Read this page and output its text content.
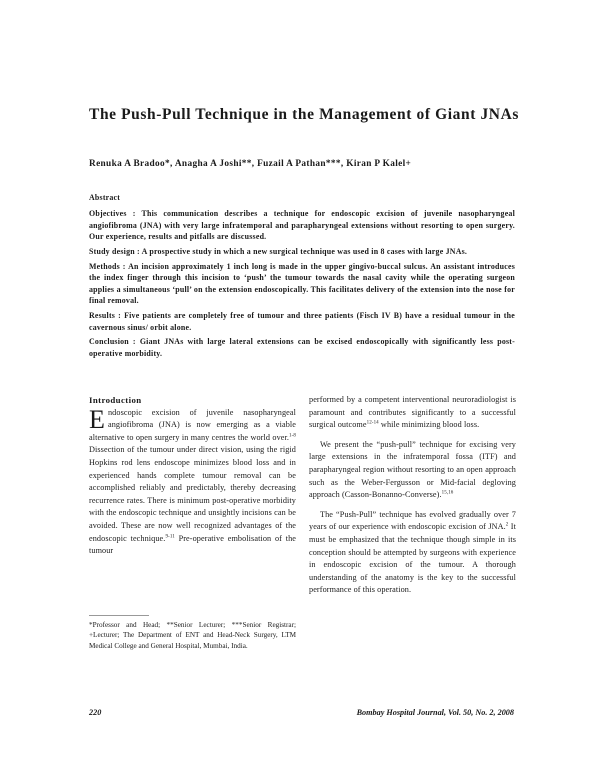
The Push-Pull Technique in the Management of Giant JNAs

Renuka A Bradoo*, Anagha A Joshi**, Fuzail A Pathan***, Kiran P Kalel+

Abstract

Objectives : This communication describes a technique for endoscopic excision of juvenile nasopharyngeal angiofibroma (JNA) with very large infratemporal and parapharyngeal extensions without resorting to open surgery. Our experience, results and pitfalls are discussed.

Study design : A prospective study in which a new surgical technique was used in 8 cases with large JNAs.

Methods : An incision approximately 1 inch long is made in the upper gingivo-buccal sulcus. An assistant introduces the index finger through this incision to ‘push’ the tumour towards the nasal cavity while the operating surgeon applies a simultaneous ‘pull’ on the extension endoscopically. This facilitates delivery of the extension into the nose for final removal.

Results : Five patients are completely free of tumour and three patients (Fisch IV B) have a residual tumour in the cavernous sinus/ orbit alone.

Conclusion : Giant JNAs with large lateral extensions can be excised endoscopically with significantly less post-operative morbidity.

Introduction

Endoscopic excision of juvenile nasopharyngeal angiofibroma (JNA) is now emerging as a viable alternative to open surgery in many centres the world over.$^{1-8}$ Dissection of the tumour under direct vision, using the rigid Hopkins rod lens endoscope minimizes blood loss and in experienced hands complete tumour removal can be accomplished reliably and predictably, thereby decreasing recurrence rates. There is minimum post-operative morbidity with the endoscopic technique and unsightly incisions can be avoided. These are now well recognized advantages of the endoscopic technique.$^{9-11}$ Pre-operative embolisation of the tumour

*Professor and Head; **Senior Lecturer; ***Senior Registrar; +Lecturer; The Department of ENT and Head-Neck Surgery, LTM Medical College and General Hospital, Mumbai, India.

performed by a competent interventional neuroradiologist is paramount and contributes significantly to a successful surgical outcome$^{12-14}$ while minimizing blood loss.

We present the “push-pull” technique for excising very large extensions in the infratemporal fossa (ITF) and parapharyngeal region without resorting to an open approach such as the Weber-Fergusson or Mid-facial degloving approach (Casson-Bonanno-Converse).$^{15,16}$

The “Push-Pull” technique has evolved gradually over 7 years of our experience with endoscopic excision of JNA.$^2$ It must be emphasized that the technique though simple in its conception should be attempted by surgeons with experience in endoscopic excision of the tumour. A thorough understanding of the anatomy is the key to the successful performance of this operation.

220	Bombay Hospital Journal, Vol. 50, No. 2, 2008
